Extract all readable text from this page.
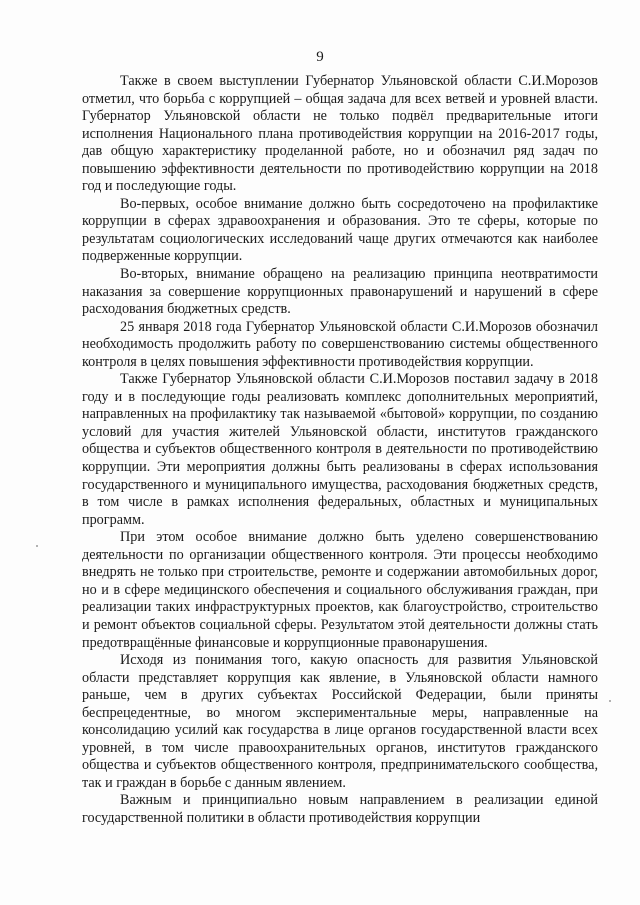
9

Также в своем выступлении Губернатор Ульяновской области С.И.Морозов отметил, что борьба с коррупцией – общая задача для всех ветвей и уровней власти. Губернатор Ульяновской области не только подвёл предварительные итоги исполнения Национального плана противодействия коррупции на 2016-2017 годы, дав общую характеристику проделанной работе, но и обозначил ряд задач по повышению эффективности деятельности по противодействию коррупции на 2018 год и последующие годы.

Во-первых, особое внимание должно быть сосредоточено на профилактике коррупции в сферах здравоохранения и образования. Это те сферы, которые по результатам социологических исследований чаще других отмечаются как наиболее подверженные коррупции.

Во-вторых, внимание обращено на реализацию принципа неотвратимости наказания за совершение коррупционных правонарушений и нарушений в сфере расходования бюджетных средств.

25 января 2018 года Губернатор Ульяновской области С.И.Морозов обозначил необходимость продолжить работу по совершенствованию системы общественного контроля в целях повышения эффективности противодействия коррупции.

Также Губернатор Ульяновской области С.И.Морозов поставил задачу в 2018 году и в последующие годы реализовать комплекс дополнительных мероприятий, направленных на профилактику так называемой «бытовой» коррупции, по созданию условий для участия жителей Ульяновской области, институтов гражданского общества и субъектов общественного контроля в деятельности по противодействию коррупции. Эти мероприятия должны быть реализованы в сферах использования государственного и муниципального имущества, расходования бюджетных средств, в том числе в рамках исполнения федеральных, областных и муниципальных программ.

При этом особое внимание должно быть уделено совершенствованию деятельности по организации общественного контроля. Эти процессы необходимо внедрять не только при строительстве, ремонте и содержании автомобильных дорог, но и в сфере медицинского обеспечения и социального обслуживания граждан, при реализации таких инфраструктурных проектов, как благоустройство, строительство и ремонт объектов социальной сферы. Результатом этой деятельности должны стать предотвращённые финансовые и коррупционные правонарушения.

Исходя из понимания того, какую опасность для развития Ульяновской области представляет коррупция как явление, в Ульяновской области намного раньше, чем в других субъектах Российской Федерации, были приняты беспрецедентные, во многом экспериментальные меры, направленные на консолидацию усилий как государства в лице органов государственной власти всех уровней, в том числе правоохранительных органов, институтов гражданского общества и субъектов общественного контроля, предпринимательского сообщества, так и граждан в борьбе с данным явлением.

Важным и принципиально новым направлением в реализации единой государственной политики в области противодействия коррупции
